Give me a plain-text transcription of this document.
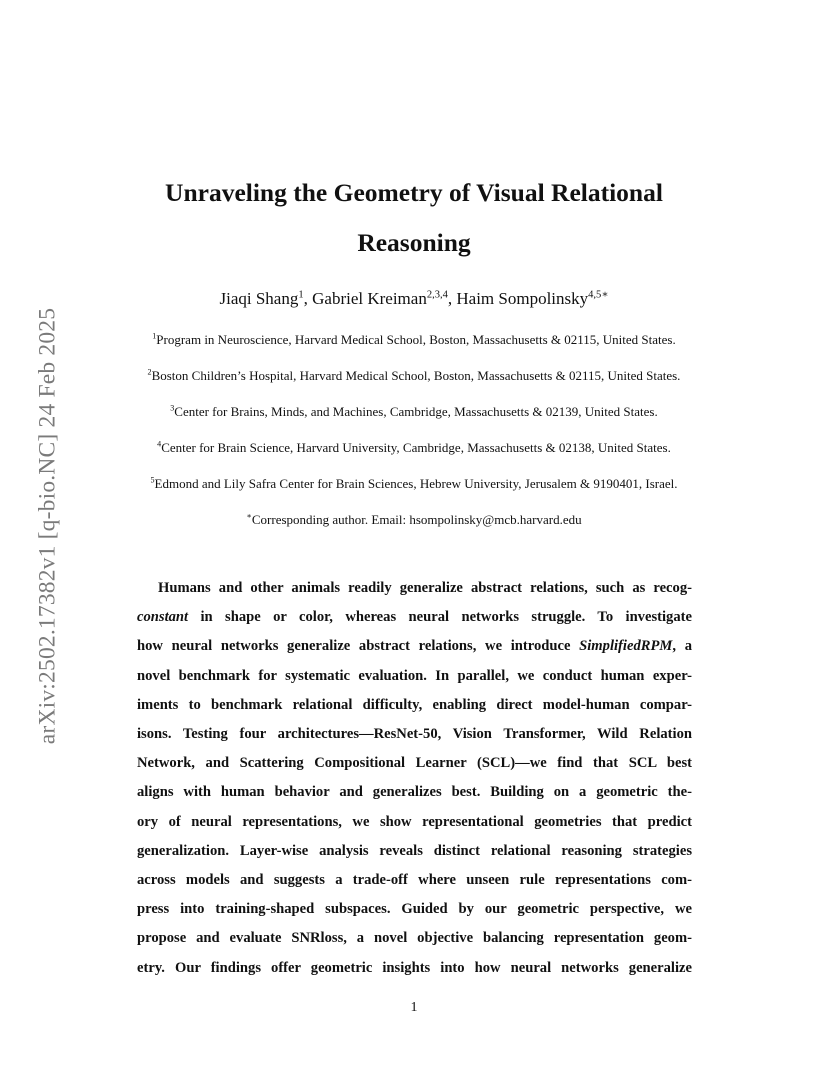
arXiv:2502.17382v1 [q-bio.NC] 24 Feb 2025
Unraveling the Geometry of Visual Relational
Reasoning
Jiaqi Shang$^1$, Gabriel Kreiman$^{2,3,4}$, Haim Sompolinsky$^{4,5∗}$
$^1$Program in Neuroscience, Harvard Medical School, Boston, Massachusetts & 02115, United States.
$^2$Boston Children’s Hospital, Harvard Medical School, Boston, Massachusetts & 02115, United States.
$^3$Center for Brains, Minds, and Machines, Cambridge, Massachusetts & 02139, United States.
$^4$Center for Brain Science, Harvard University, Cambridge, Massachusetts & 02138, United States.
$^5$Edmond and Lily Safra Center for Brain Sciences, Hebrew University, Jerusalem & 9190401, Israel.
∗Corresponding author. Email: hsompolinsky@mcb.harvard.edu
Humans and other animals readily generalize abstract relations, such as recog-
constant in shape or color, whereas neural networks struggle. To investigate
how neural networks generalize abstract relations, we introduce SimplifiedRPM, a
novel benchmark for systematic evaluation. In parallel, we conduct human exper-
iments to benchmark relational difficulty, enabling direct model-human compar-
isons. Testing four architectures—ResNet-50, Vision Transformer, Wild Relation
Network, and Scattering Compositional Learner (SCL)—we find that SCL best
aligns with human behavior and generalizes best. Building on a geometric the-
ory of neural representations, we show representational geometries that predict
generalization. Layer-wise analysis reveals distinct relational reasoning strategies
across models and suggests a trade-off where unseen rule representations com-
press into training-shaped subspaces. Guided by our geometric perspective, we
propose and evaluate SNRloss, a novel objective balancing representation geom-
etry. Our findings offer geometric insights into how neural networks generalize
1
